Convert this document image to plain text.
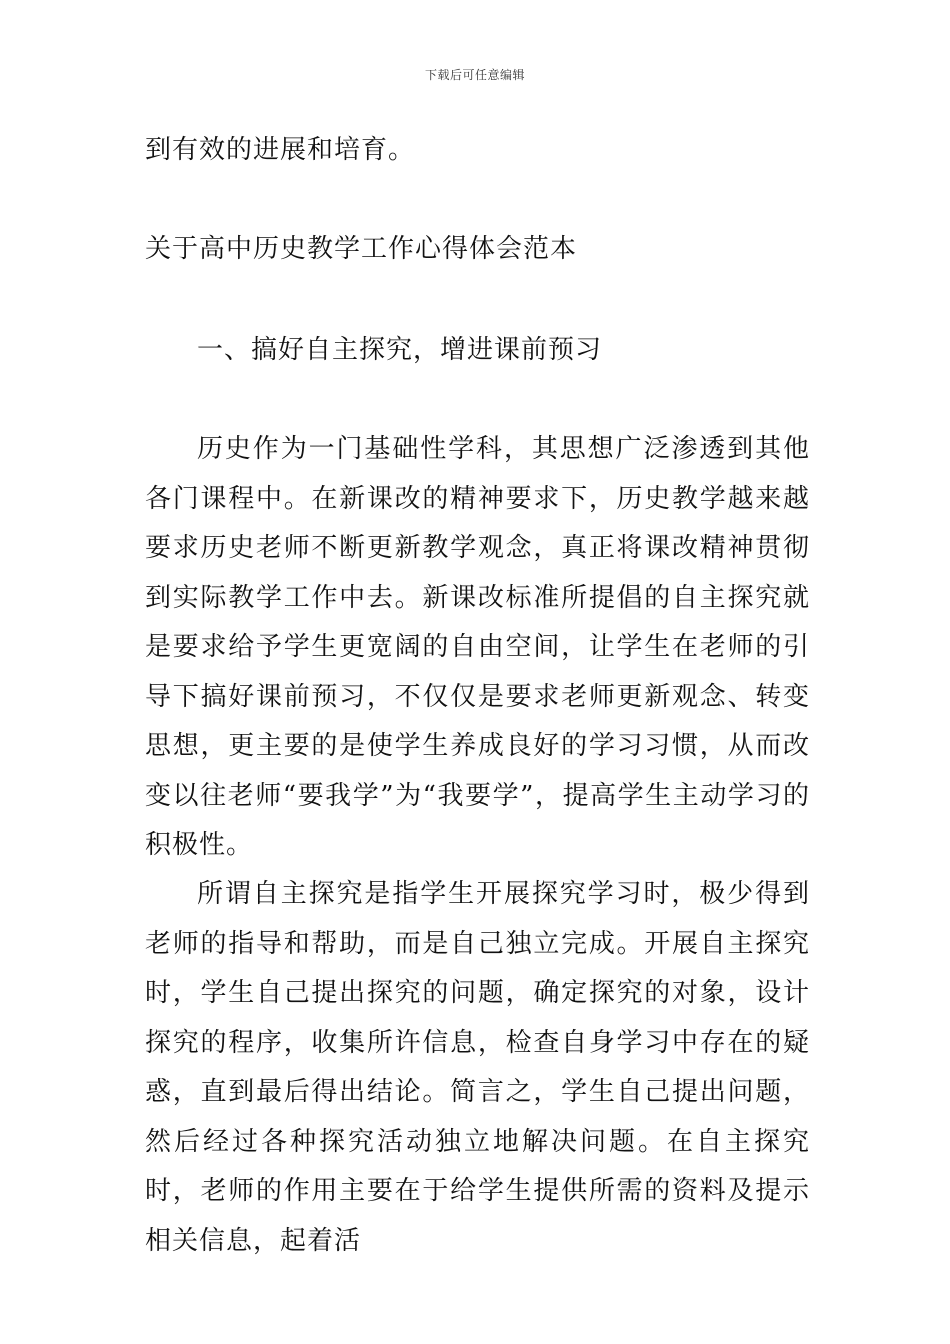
下载后可任意编辑

到有效的进展和培育。

关于高中历史教学工作心得体会范本

一、搞好自主探究，增进课前预习

历史作为一门基础性学科，其思想广泛渗透到其他各门课程中。在新课改的精神要求下，历史教学越来越要求历史老师不断更新教学观念，真正将课改精神贯彻到实际教学工作中去。新课改标准所提倡的自主探究就是要求给予学生更宽阔的自由空间，让学生在老师的引导下搞好课前预习，不仅仅是要求老师更新观念、转变思想，更主要的是使学生养成良好的学习习惯，从而改变以往老师“要我学”为“我要学”，提高学生主动学习的积极性。

所谓自主探究是指学生开展探究学习时，极少得到老师的指导和帮助，而是自己独立完成。开展自主探究时，学生自己提出探究的问题，确定探究的对象，设计探究的程序，收集所许信息，检查自身学习中存在的疑惑，直到最后得出结论。简言之，学生自己提出问题，然后经过各种探究活动独立地解决问题。在自主探究时，老师的作用主要在于给学生提供所需的资料及提示相关信息，起着活
